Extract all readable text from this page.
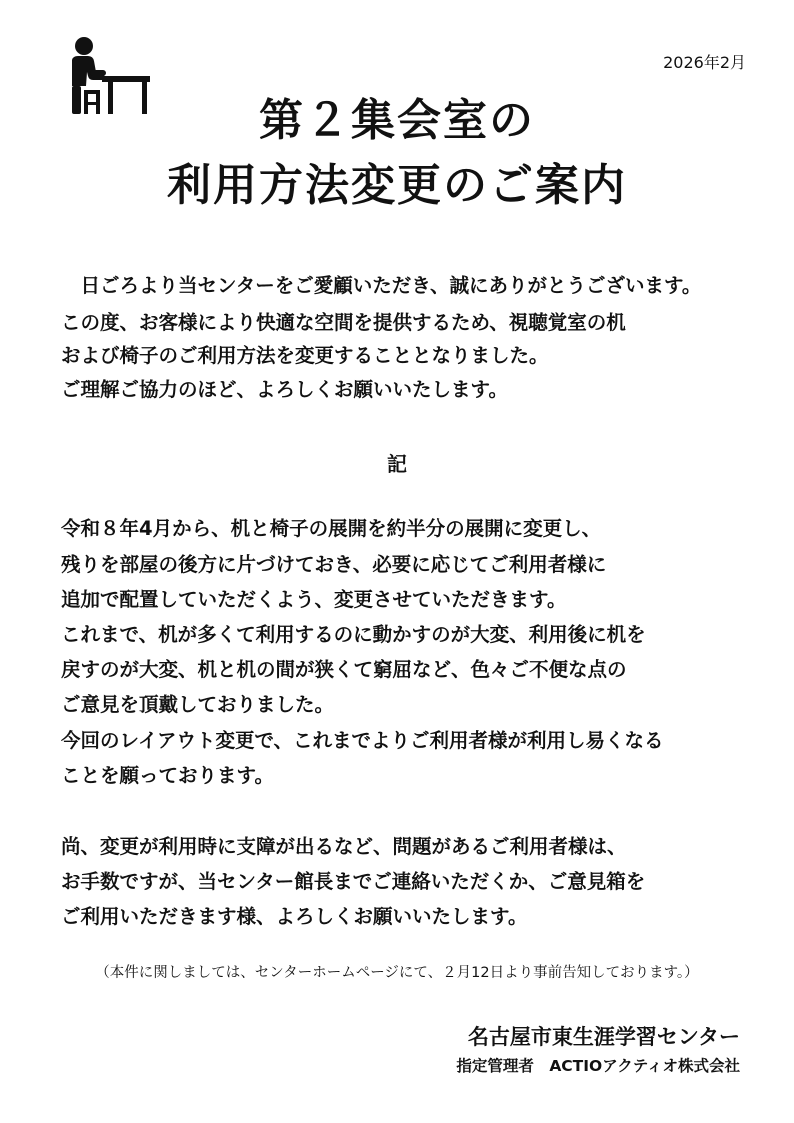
2026年2月
第２集会室の
利用方法変更のご案内
　日ごろより当センターをご愛顧いただき、誠にありがとうございます。
この度、お客様により快適な空間を提供するため、視聴覚室の机
および椅子のご利用方法を変更することとなりました。
ご理解ご協力のほど、よろしくお願いいたします。
記
令和８年4月から、机と椅子の展開を約半分の展開に変更し、
残りを部屋の後方に片づけておき、必要に応じてご利用者様に
追加で配置していただくよう、変更させていただきます。
これまで、机が多くて利用するのに動かすのが大変、利用後に机を
戻すのが大変、机と机の間が狭くて窮屈など、色々ご不便な点の
ご意見を頂戴しておりました。
今回のレイアウト変更で、これまでよりご利用者様が利用し易くなる
ことを願っております。
尚、変更が利用時に支障が出るなど、問題があるご利用者様は、
お手数ですが、当センター館長までご連絡いただくか、ご意見箱を
ご利用いただきます様、よろしくお願いいたします。
（本件に関しましては、センターホームページにて、２月12日より事前告知しております。）
名古屋市東生涯学習センター
指定管理者　ACTIOアクティオ株式会社
